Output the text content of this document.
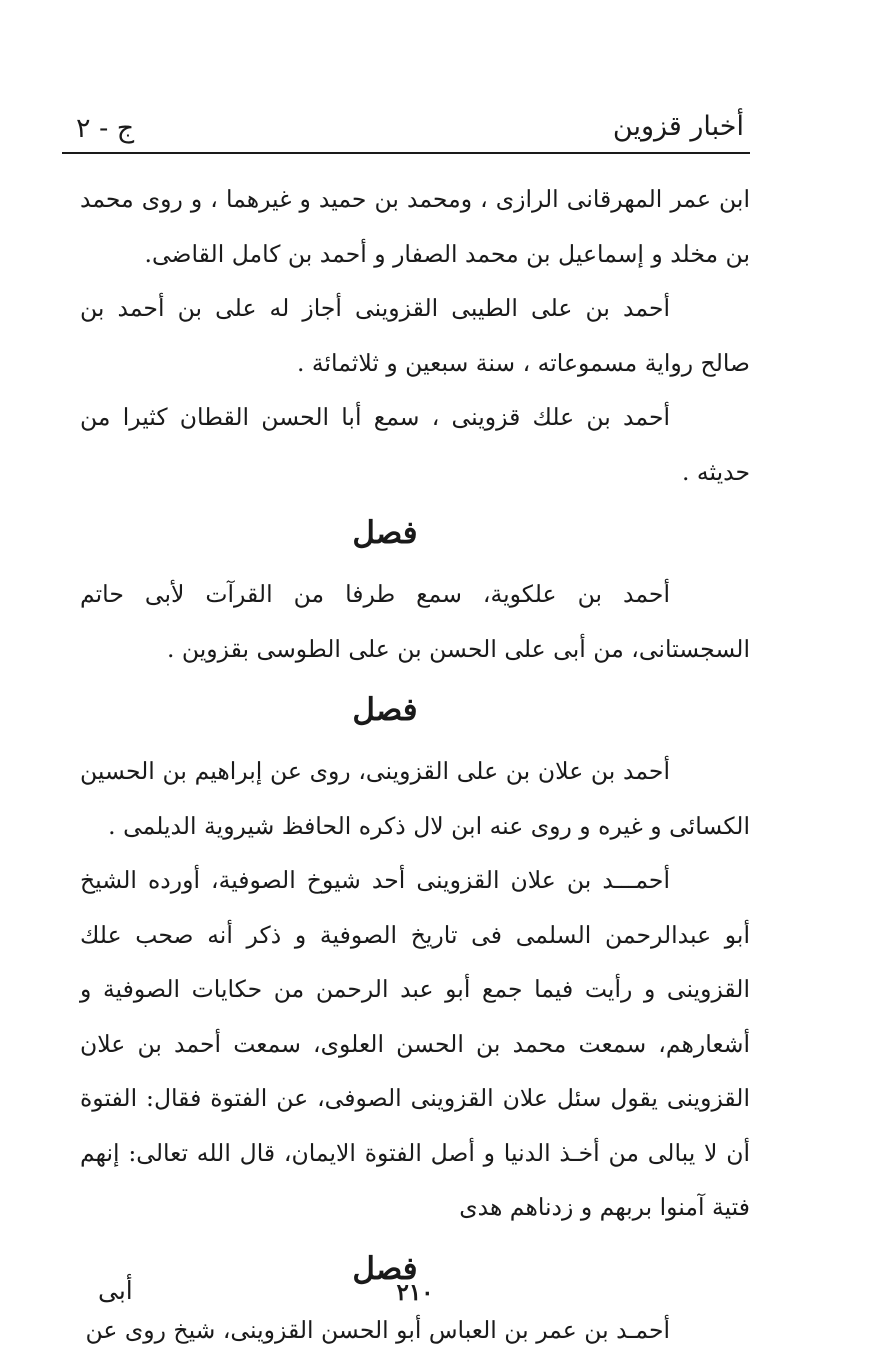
أخبار قزوين
ج - ٢

ابن عمر المهرقانى الرازى ، ومحمد بن حميد و غيرهما ، و روى محمد بن مخلد و إسماعيل بن محمد الصفار و أحمد بن كامل القاضى.

أحمد بن على الطيبى القزوينى أجاز له على بن أحمد بن صالح رواية مسموعاته ، سنة سبعين و ثلاثمائة .

أحمد بن علك قزوينى ، سمع أبا الحسن القطان كثيرا من حديثه .

فصل

أحمد بن علكوية، سمع طرفا من القرآت لأبى حاتم السجستانى، من أبى على الحسن بن على الطوسى بقزوين .

فصل

أحمد بن علان بن على القزوينى، روى عن إبراهيم بن الحسين الكسائى و غيره و روى عنه ابن لال ذكره الحافظ شيروية الديلمى .

أحمـــد بن علان القزوينى أحد شيوخ الصوفية، أورده الشيخ أبو عبدالرحمن السلمى فى تاريخ الصوفية و ذكر أنه صحب علك القزوينى و رأيت فيما جمع أبو عبد الرحمن من حكايات الصوفية و أشعارهم، سمعت محمد بن الحسن العلوى، سمعت أحمد بن علان القزوينى يقول سئل علان القزوينى الصوفى، عن الفتوة فقال: الفتوة أن لا يبالى من أخـذ الدنيا و أصل الفتوة الايمان، قال الله تعالى: إنهم فتية آمنوا بربهم و زدناهم هدى

فصل

أحمـد بن عمر بن العباس أبو الحسن القزوينى، شيخ روى عن

أبى	٢١٠
